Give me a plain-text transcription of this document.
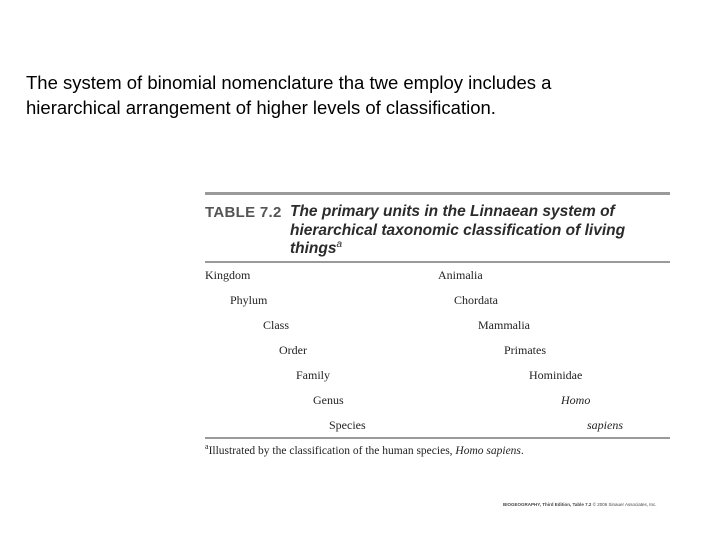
The system of binomial nomenclature tha twe employ includes a
hierarchical arrangement of higher levels of classification.
TABLE 7.2 The primary units in the Linnaean system of hierarchical taxonomic classification of living things$^a$
Kingdom	Animalia
Phylum	Chordata
Class	Mammalia
Order	Primates
Family	Hominidae
Genus	Homo
Species	sapiens
$^a$Illustrated by the classification of the human species, Homo sapiens.
BIOGEOGRAPHY, Third Edition, Table 7.2 © 2006 Sinauer Associates, Inc.
